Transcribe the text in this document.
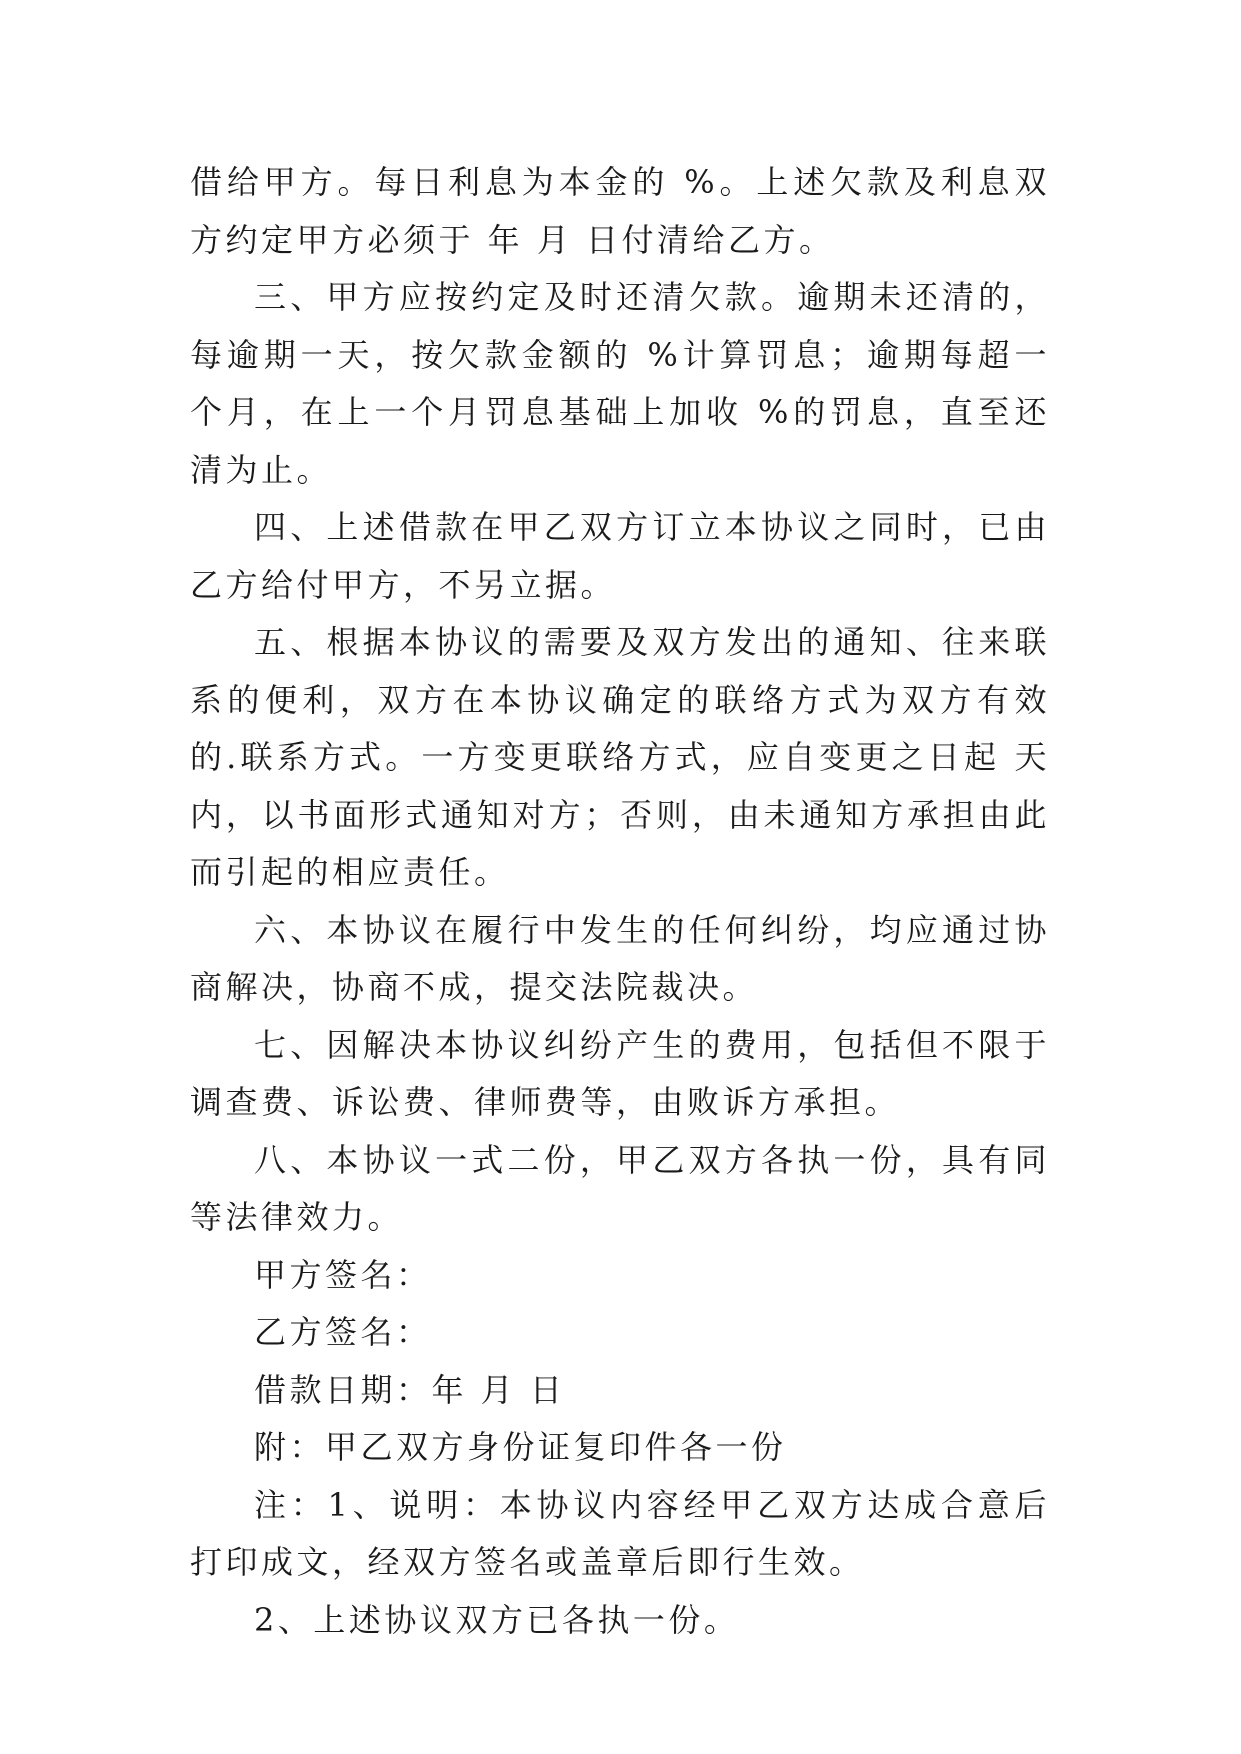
借给甲方。每日利息为本金的 %。上述欠款及利息双方约定甲方必须于 年 月 日付清给乙方。

三、甲方应按约定及时还清欠款。逾期未还清的，每逾期一天，按欠款金额的 %计算罚息；逾期每超一个月，在上一个月罚息基础上加收 %的罚息，直至还清为止。

四、上述借款在甲乙双方订立本协议之同时，已由乙方给付甲方，不另立据。

五、根据本协议的需要及双方发出的通知、往来联系的便利，双方在本协议确定的联络方式为双方有效的.联系方式。一方变更联络方式，应自变更之日起 天内，以书面形式通知对方；否则，由未通知方承担由此而引起的相应责任。

六、本协议在履行中发生的任何纠纷，均应通过协商解决，协商不成，提交法院裁决。

七、因解决本协议纠纷产生的费用，包括但不限于调查费、诉讼费、律师费等，由败诉方承担。

八、本协议一式二份，甲乙双方各执一份，具有同等法律效力。

甲方签名：

乙方签名：

借款日期：年 月 日

附：甲乙双方身份证复印件各一份

注：1、说明：本协议内容经甲乙双方达成合意后打印成文，经双方签名或盖章后即行生效。

2、上述协议双方已各执一份。
